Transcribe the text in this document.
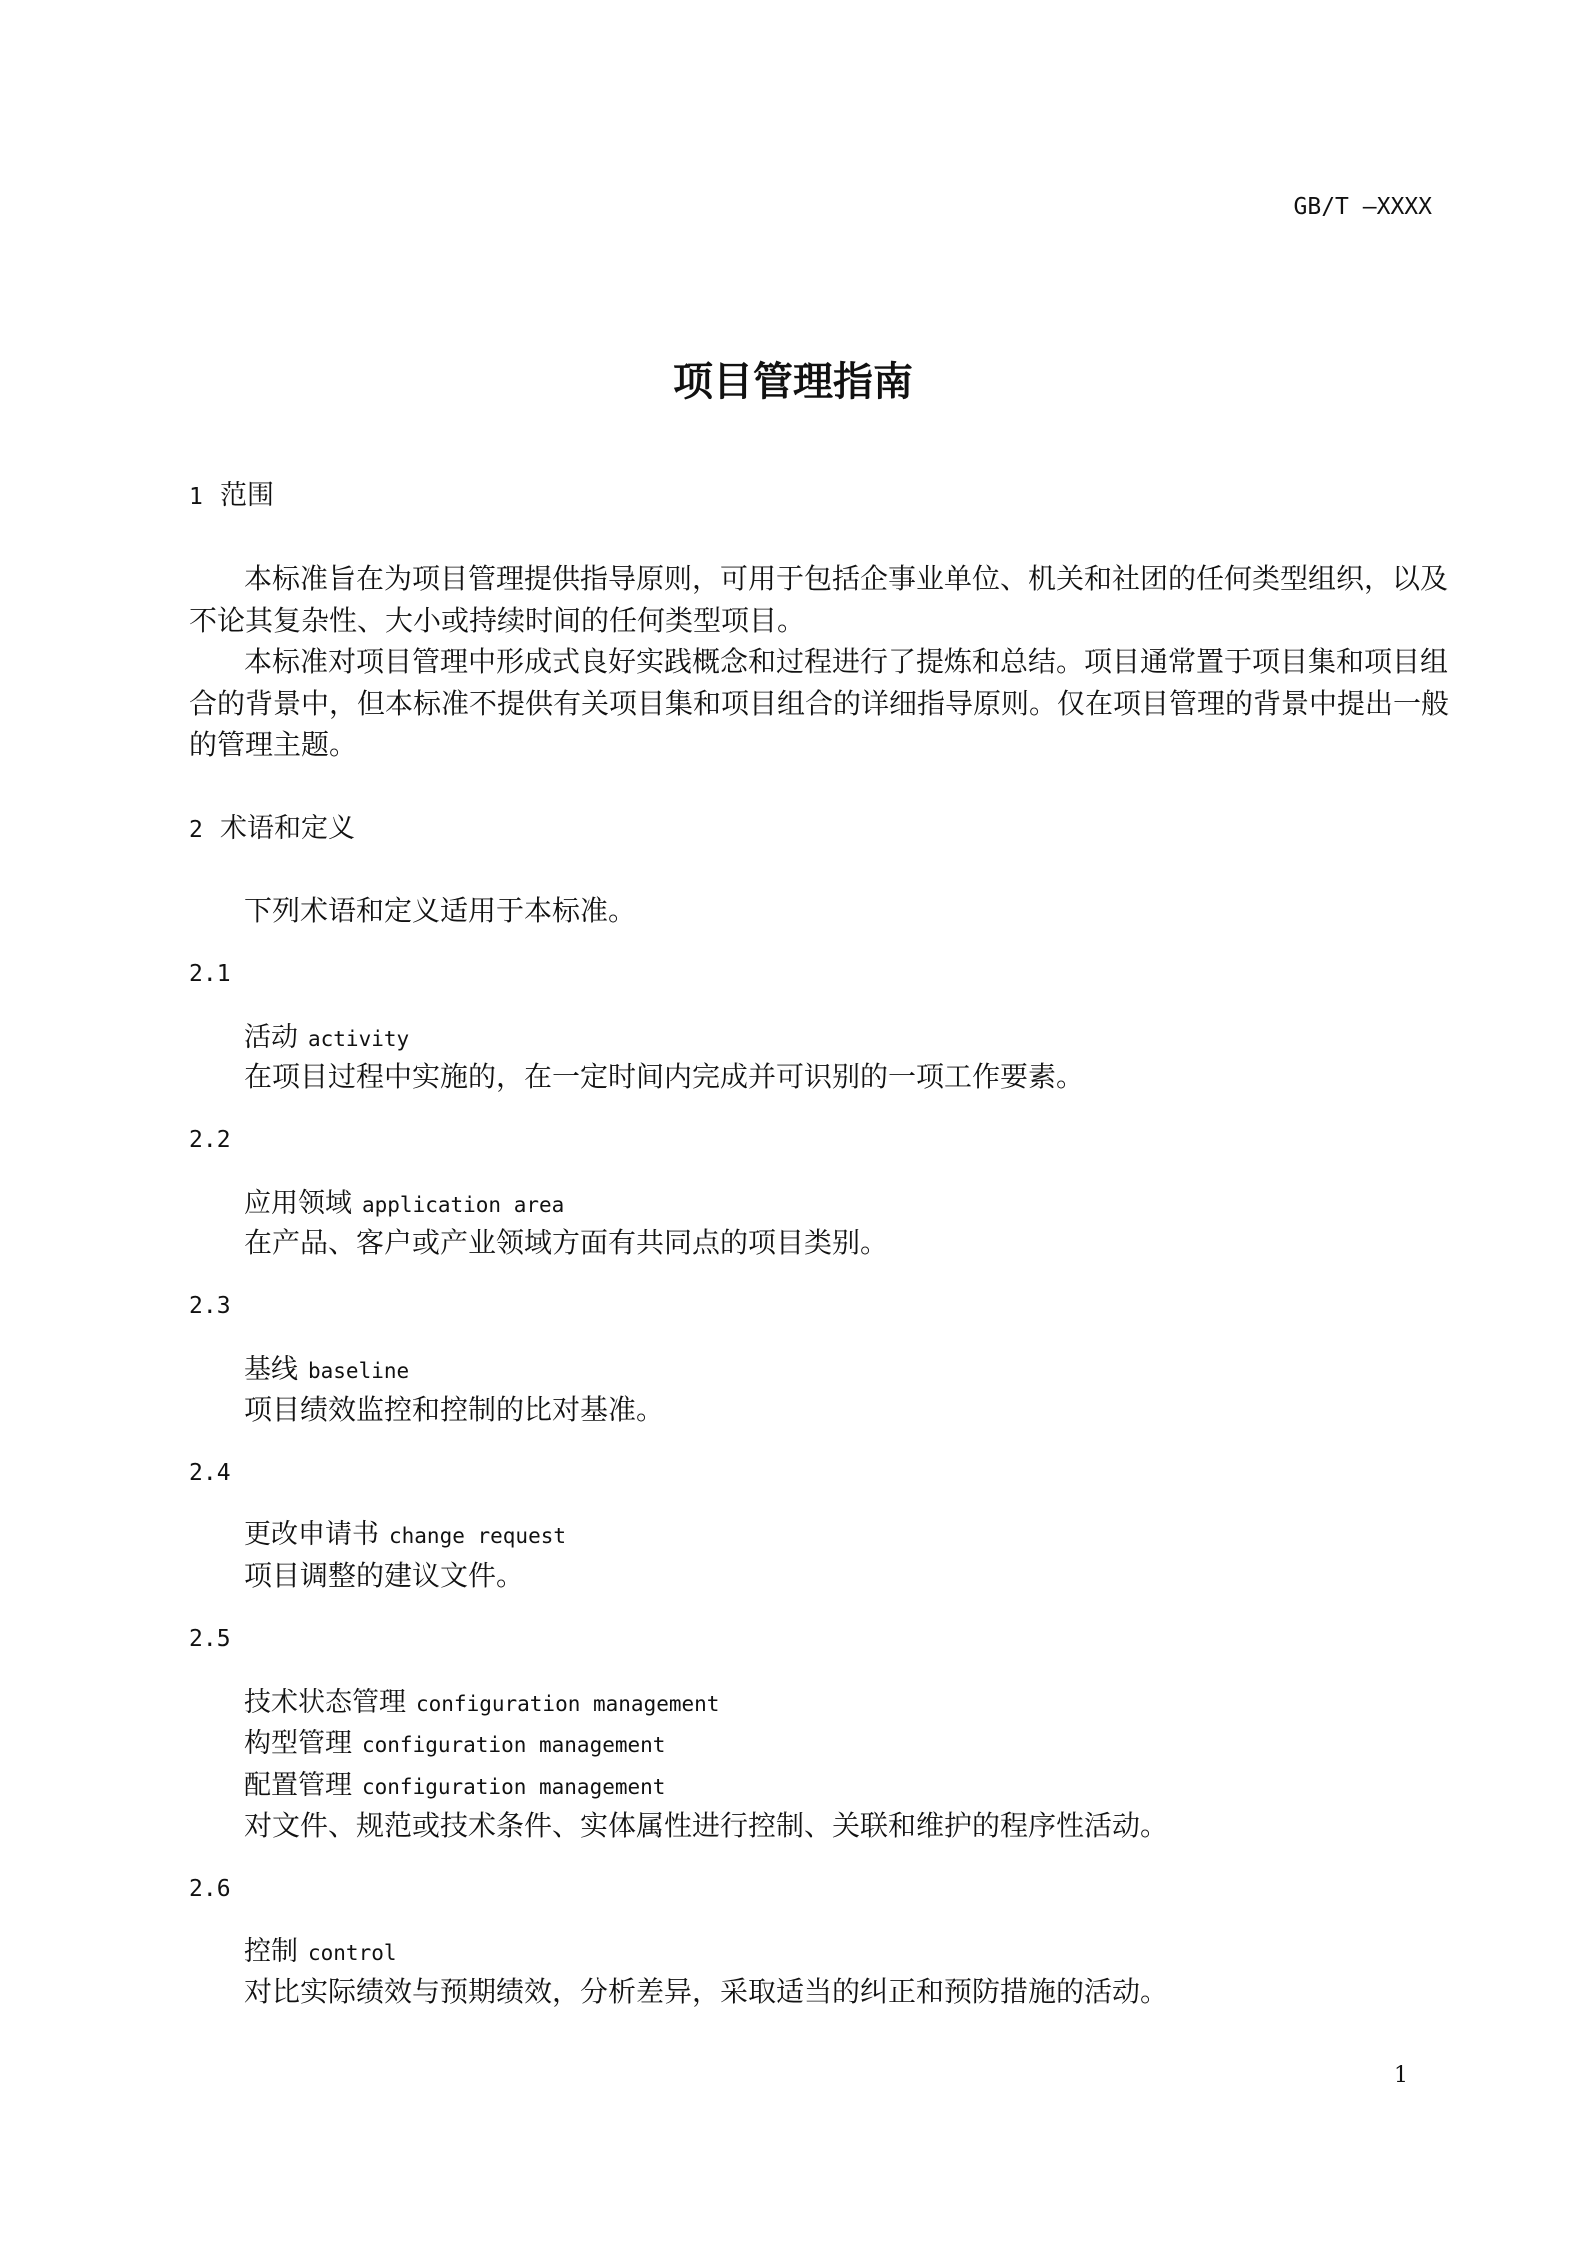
GB/T —XXXX
项目管理指南
1 范围
本标准旨在为项目管理提供指导原则，可用于包括企事业单位、机关和社团的任何类型组织，以及
不论其复杂性、大小或持续时间的任何类型项目。
本标准对项目管理中形成式良好实践概念和过程进行了提炼和总结。项目通常置于项目集和项目组
合的背景中，但本标准不提供有关项目集和项目组合的详细指导原则。仅在项目管理的背景中提出一般
的管理主题。
2 术语和定义
下列术语和定义适用于本标准。
2.1
活动 activity
在项目过程中实施的，在一定时间内完成并可识别的一项工作要素。
2.2
应用领域 application area
在产品、客户或产业领域方面有共同点的项目类别。
2.3
基线 baseline
项目绩效监控和控制的比对基准。
2.4
更改申请书 change request
项目调整的建议文件。
2.5
技术状态管理 configuration management
构型管理 configuration management
配置管理 configuration management
对文件、规范或技术条件、实体属性进行控制、关联和维护的程序性活动。
2.6
控制 control
对比实际绩效与预期绩效，分析差异，采取适当的纠正和预防措施的活动。
1
